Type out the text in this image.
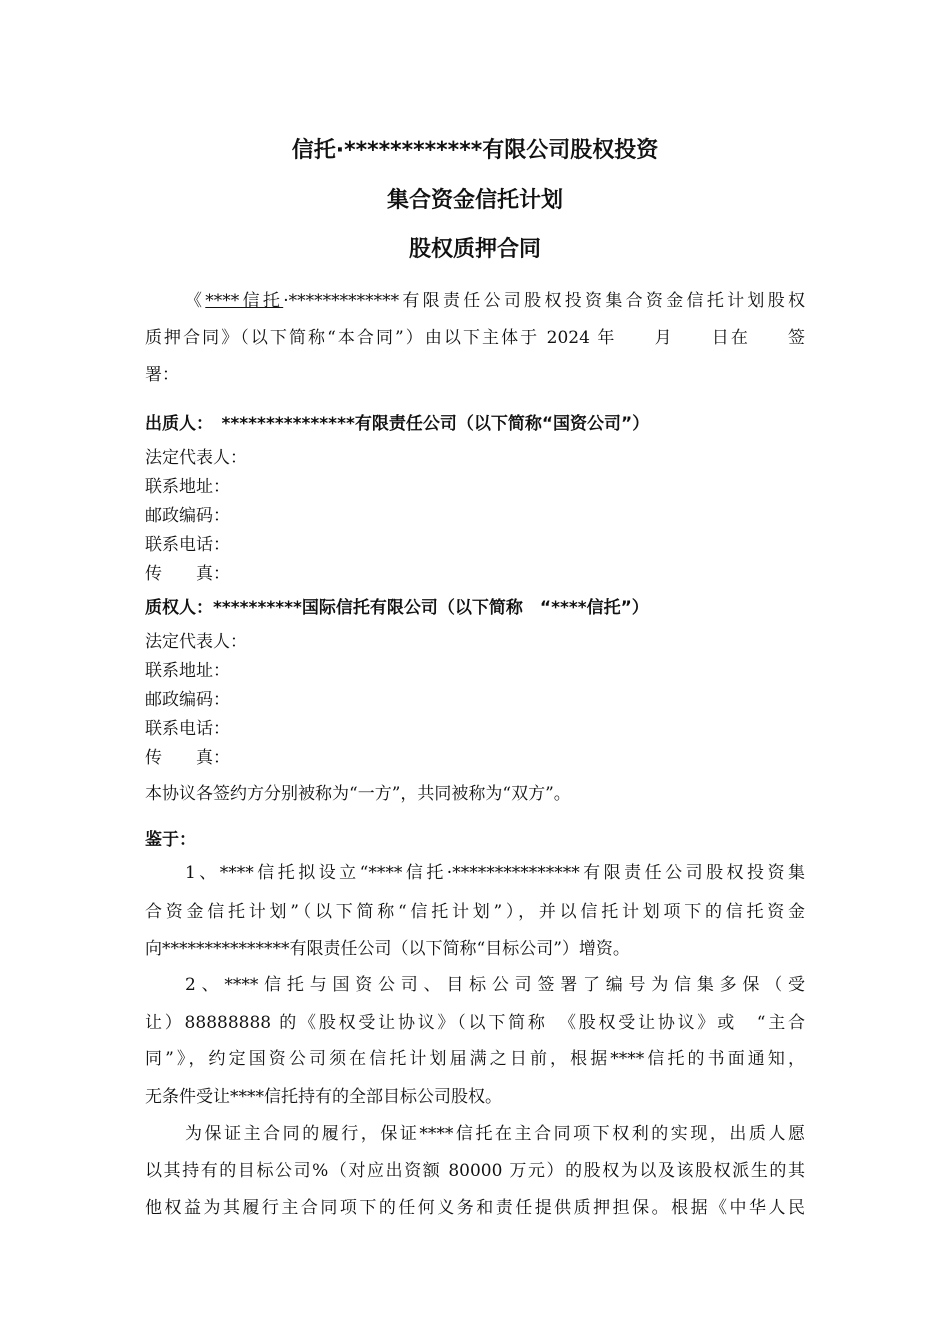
信托·************有限公司股权投资
集合资金信托计划
股权质押合同
《****信托·*************有限责任公司股权投资集合资金信托计划股权
质押合同》（以下简称“本合同”）由以下主体于 2024 年　　月　　日在　　签
署：
出质人：　***************有限责任公司（以下简称“国资公司”）
法定代表人：
联系地址：
邮政编码：
联系电话：
传　　真：
质权人：**********国际信托有限公司（以下简称　“****信托”）
法定代表人：
联系地址：
邮政编码：
联系电话：
传　　真：
本协议各签约方分别被称为“一方”，共同被称为“双方”。
鉴于：
1、****信托拟设立“****信托·***************有限责任公司股权投资集
合资金信托计划”（以下简称“信托计划”），并以信托计划项下的信托资金
向***************有限责任公司（以下简称“目标公司”）增资。
2、****信托与国资公司、目标公司签署了编号为信集多保（受
让）88888888 的《股权受让协议》（以下简称　《股权受让协议》或　“主合
同”》，约定国资公司须在信托计划届满之日前，根据****信托的书面通知，
无条件受让****信托持有的全部目标公司股权。
为保证主合同的履行，保证****信托在主合同项下权利的实现，出质人愿
以其持有的目标公司%（对应出资额 80000 万元）的股权为以及该股权派生的其
他权益为其履行主合同项下的任何义务和责任提供质押担保。根据《中华人民
